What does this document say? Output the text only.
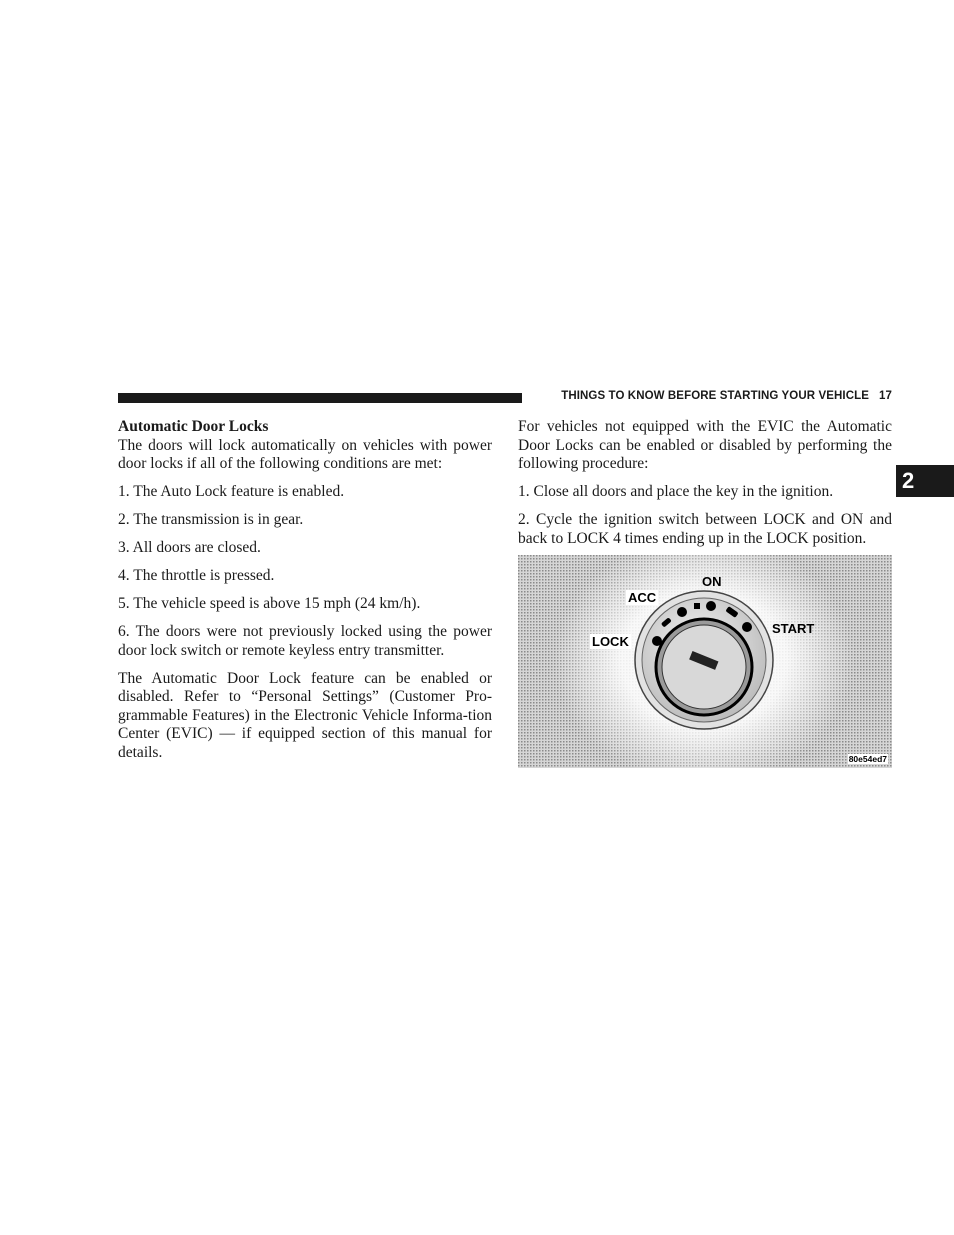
THINGS TO KNOW BEFORE STARTING YOUR VEHICLE 17
2

Automatic Door Locks

The doors will lock automatically on vehicles with power door locks if all of the following conditions are met:

1. The Auto Lock feature is enabled.
2. The transmission is in gear.
3. All doors are closed.
4. The throttle is pressed.
5. The vehicle speed is above 15 mph (24 km/h).
6. The doors were not previously locked using the power door lock switch or remote keyless entry transmitter.

The Automatic Door Lock feature can be enabled or disabled. Refer to “Personal Settings” (Customer Pro-grammable Features) in the Electronic Vehicle Informa-tion Center (EVIC) — if equipped section of this manual for details.

For vehicles not equipped with the EVIC the Automatic Door Locks can be enabled or disabled by performing the following procedure:

1. Close all doors and place the key in the ignition.
2. Cycle the ignition switch between LOCK and ON and back to LOCK 4 times ending up in the LOCK position.
ON
ACC
LOCK
START
80e54ed7
